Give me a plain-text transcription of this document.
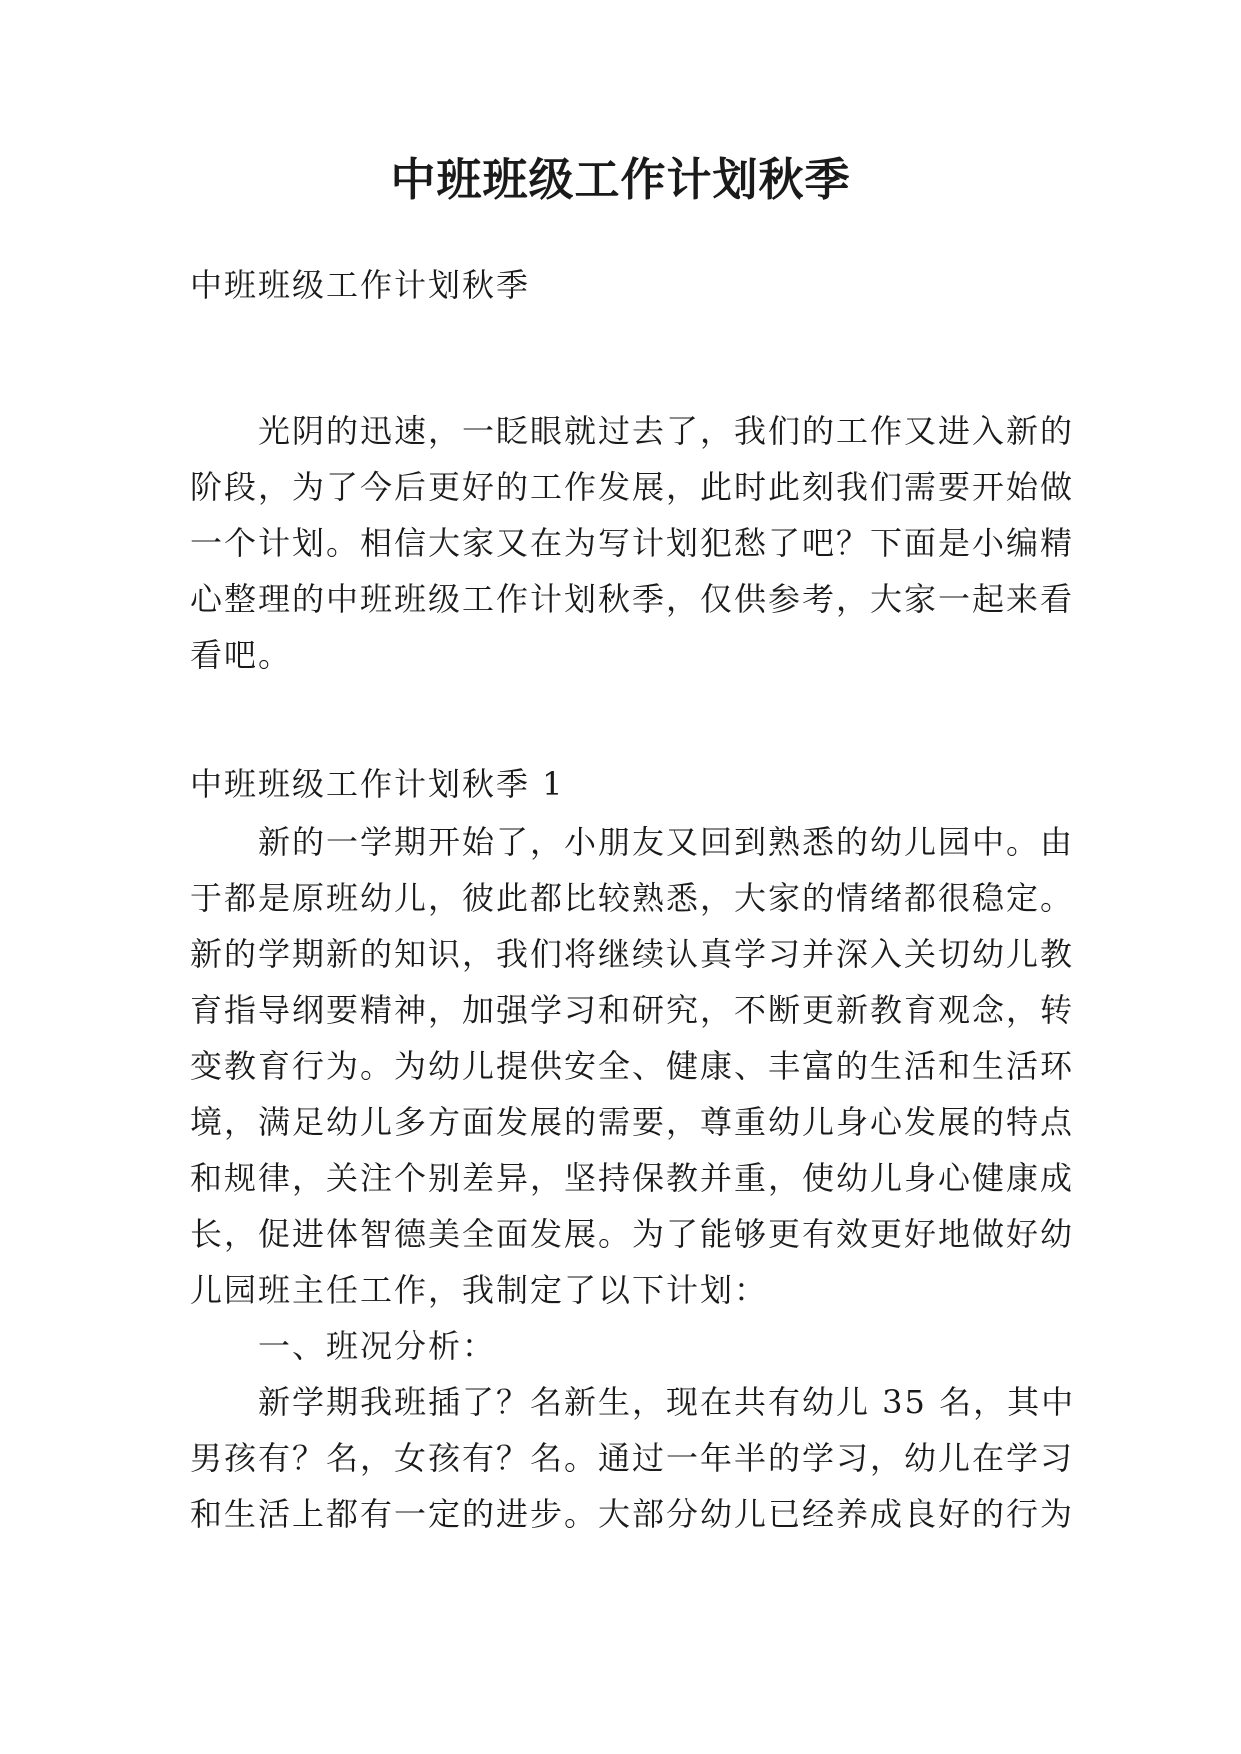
中班班级工作计划秋季
中班班级工作计划秋季
　　光阴的迅速，一眨眼就过去了，我们的工作又进入新的
阶段，为了今后更好的工作发展，此时此刻我们需要开始做
一个计划。相信大家又在为写计划犯愁了吧？下面是小编精
心整理的中班班级工作计划秋季，仅供参考，大家一起来看
看吧。
中班班级工作计划秋季 1
　　新的一学期开始了，小朋友又回到熟悉的幼儿园中。由
于都是原班幼儿，彼此都比较熟悉，大家的情绪都很稳定。
新的学期新的知识，我们将继续认真学习并深入关切幼儿教
育指导纲要精神，加强学习和研究，不断更新教育观念，转
变教育行为。为幼儿提供安全、健康、丰富的生活和生活环
境，满足幼儿多方面发展的需要，尊重幼儿身心发展的特点
和规律，关注个别差异，坚持保教并重，使幼儿身心健康成
长，促进体智德美全面发展。为了能够更有效更好地做好幼
儿园班主任工作，我制定了以下计划：
　　一、班况分析：
　　新学期我班插了？名新生，现在共有幼儿 35 名，其中
男孩有？名，女孩有？名。通过一年半的学习，幼儿在学习
和生活上都有一定的进步。大部分幼儿已经养成良好的行为
